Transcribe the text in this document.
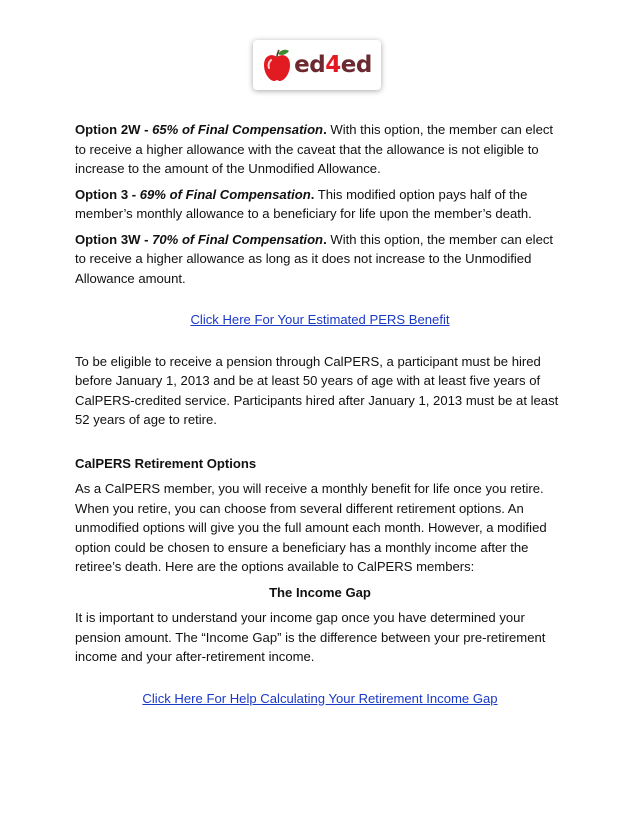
ed4ed

Option 2W - 65% of Final Compensation. With this option, the member can elect to receive a higher allowance with the caveat that the allowance is not eligible to increase to the amount of the Unmodified Allowance.

Option 3 - 69% of Final Compensation. This modified option pays half of the member’s monthly allowance to a beneficiary for life upon the member’s death.

Option 3W - 70% of Final Compensation. With this option, the member can elect to receive a higher allowance as long as it does not increase to the Unmodified Allowance amount.

Click Here For Your Estimated PERS Benefit

To be eligible to receive a pension through CalPERS, a participant must be hired before January 1, 2013 and be at least 50 years of age with at least five years of CalPERS-credited service. Participants hired after January 1, 2013 must be at least 52 years of age to retire.

CalPERS Retirement Options

As a CalPERS member, you will receive a monthly benefit for life once you retire. When you retire, you can choose from several different retirement options. An unmodified options will give you the full amount each month. However, a modified option could be chosen to ensure a beneficiary has a monthly income after the retiree’s death. Here are the options available to CalPERS members:

The Income Gap

It is important to understand your income gap once you have determined your pension amount. The “Income Gap” is the difference between your pre-retirement income and your after-retirement income.

Click Here For Help Calculating Your Retirement Income Gap
